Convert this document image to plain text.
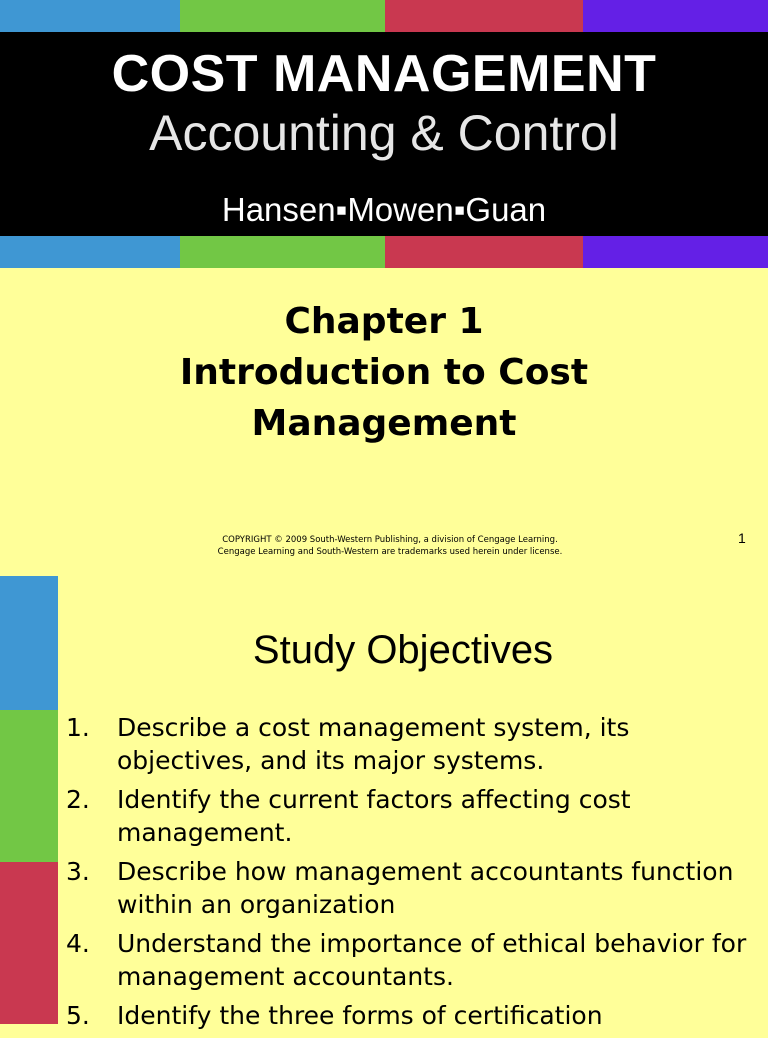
COST MANAGEMENT
Accounting & Control
Hansen▪Mowen▪Guan
Chapter 1
Introduction to Cost
Management
COPYRIGHT © 2009 South-Western Publishing, a division of Cengage Learning.
Cengage Learning and South-Western are trademarks used herein under license.
1
Study Objectives
1. Describe a cost management system, its objectives, and its major systems.
2. Identify the current factors affecting cost management.
3. Describe how management accountants function within an organization
4. Understand the importance of ethical behavior for management accountants.
5. Identify the three forms of certification
